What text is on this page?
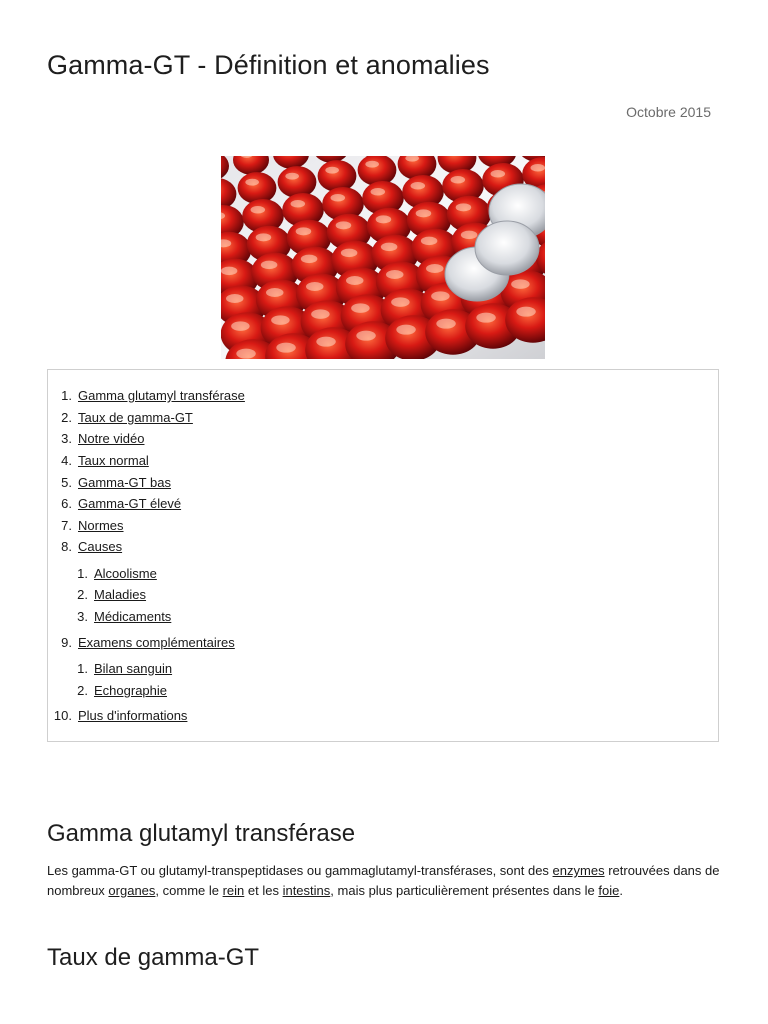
Gamma-GT - Définition et anomalies
Octobre 2015
1. Gamma glutamyl transférase
2. Taux de gamma-GT
3. Notre vidéo
4. Taux normal
5. Gamma-GT bas
6. Gamma-GT élevé
7. Normes
8. Causes
1. Alcoolisme
2. Maladies
3. Médicaments
9. Examens complémentaires
1. Bilan sanguin
2. Echographie
10. Plus d'informations
Gamma glutamyl transférase

Les gamma-GT ou glutamyl-transpeptidases ou gammaglutamyl-transférases, sont des enzymes retrouvées dans de nombreux organes, comme le rein et les intestins, mais plus particulièrement présentes dans le foie.

Taux de gamma-GT
